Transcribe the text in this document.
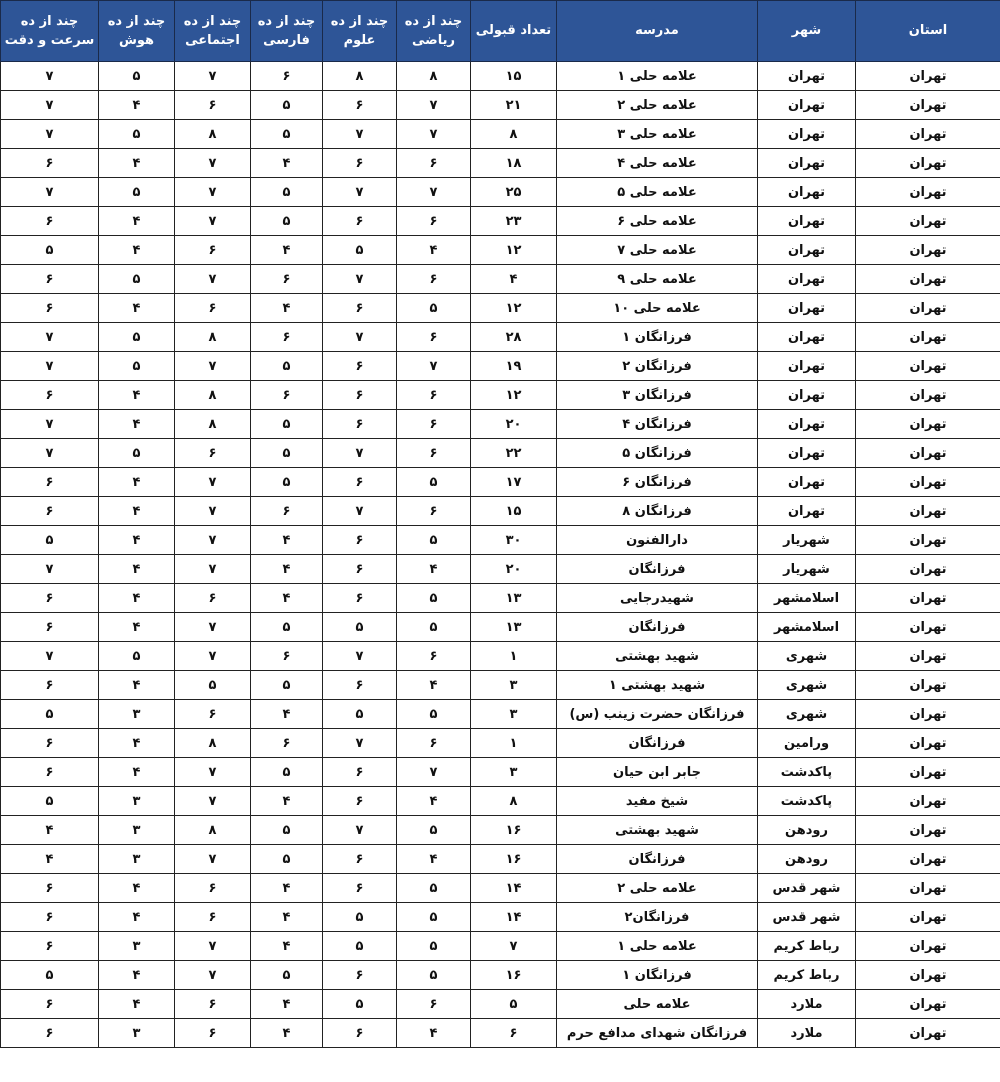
استان	شهر	مدرسه	تعداد قبولی	چند از ده ریاضی	چند از ده علوم	چند از ده فارسی	چند از ده اجتماعی	چند از ده هوش	چند از ده سرعت و دقت
تهران	تهران	علامه حلی ۱	۱۵	۸	۸	۶	۷	۵	۷
تهران	تهران	علامه حلی ۲	۲۱	۷	۶	۵	۶	۴	۷
تهران	تهران	علامه حلی ۳	۸	۷	۷	۵	۸	۵	۷
تهران	تهران	علامه حلی ۴	۱۸	۶	۶	۴	۷	۴	۶
تهران	تهران	علامه حلی ۵	۲۵	۷	۷	۵	۷	۵	۷
تهران	تهران	علامه حلی ۶	۲۳	۶	۶	۵	۷	۴	۶
تهران	تهران	علامه حلی ۷	۱۲	۴	۵	۴	۶	۴	۵
تهران	تهران	علامه حلی ۹	۴	۶	۷	۶	۷	۵	۶
تهران	تهران	علامه حلی ۱۰	۱۲	۵	۶	۴	۶	۴	۶
تهران	تهران	فرزانگان ۱	۲۸	۶	۷	۶	۸	۵	۷
تهران	تهران	فرزانگان ۲	۱۹	۷	۶	۵	۷	۵	۷
تهران	تهران	فرزانگان ۳	۱۲	۶	۶	۶	۸	۴	۶
تهران	تهران	فرزانگان ۴	۲۰	۶	۶	۵	۸	۴	۷
تهران	تهران	فرزانگان ۵	۲۲	۶	۷	۵	۶	۵	۷
تهران	تهران	فرزانگان ۶	۱۷	۵	۶	۵	۷	۴	۶
تهران	تهران	فرزانگان ۸	۱۵	۶	۷	۶	۷	۴	۶
تهران	شهریار	دارالفنون	۳۰	۵	۶	۴	۷	۴	۵
تهران	شهریار	فرزانگان	۲۰	۴	۶	۴	۷	۴	۷
تهران	اسلامشهر	شهیدرجایی	۱۳	۵	۶	۴	۶	۴	۶
تهران	اسلامشهر	فرزانگان	۱۳	۵	۵	۵	۷	۴	۶
تهران	شهری	شهید بهشتی	۱	۶	۷	۶	۷	۵	۷
تهران	شهری	شهید بهشتی ۱	۳	۴	۶	۵	۵	۴	۶
تهران	شهری	فرزانگان حضرت زینب (س)	۳	۵	۵	۴	۶	۳	۵
تهران	ورامین	فرزانگان	۱	۶	۷	۶	۸	۴	۶
تهران	پاکدشت	جابر ابن حیان	۳	۷	۶	۵	۷	۴	۶
تهران	پاکدشت	شیخ مفید	۸	۴	۶	۴	۷	۳	۵
تهران	رودهن	شهید بهشتی	۱۶	۵	۷	۵	۸	۳	۴
تهران	رودهن	فرزانگان	۱۶	۴	۶	۵	۷	۳	۴
تهران	شهر قدس	علامه حلی ۲	۱۴	۵	۶	۴	۶	۴	۶
تهران	شهر قدس	فرزانگان۲	۱۴	۵	۵	۴	۶	۴	۶
تهران	رباط کریم	علامه حلی ۱	۷	۵	۵	۴	۷	۳	۶
تهران	رباط کریم	فرزانگان ۱	۱۶	۵	۶	۵	۷	۴	۵
تهران	ملارد	علامه حلی	۵	۶	۵	۴	۶	۴	۶
تهران	ملارد	فرزانگان شهدای مدافع حرم	۶	۴	۶	۴	۶	۳	۶
